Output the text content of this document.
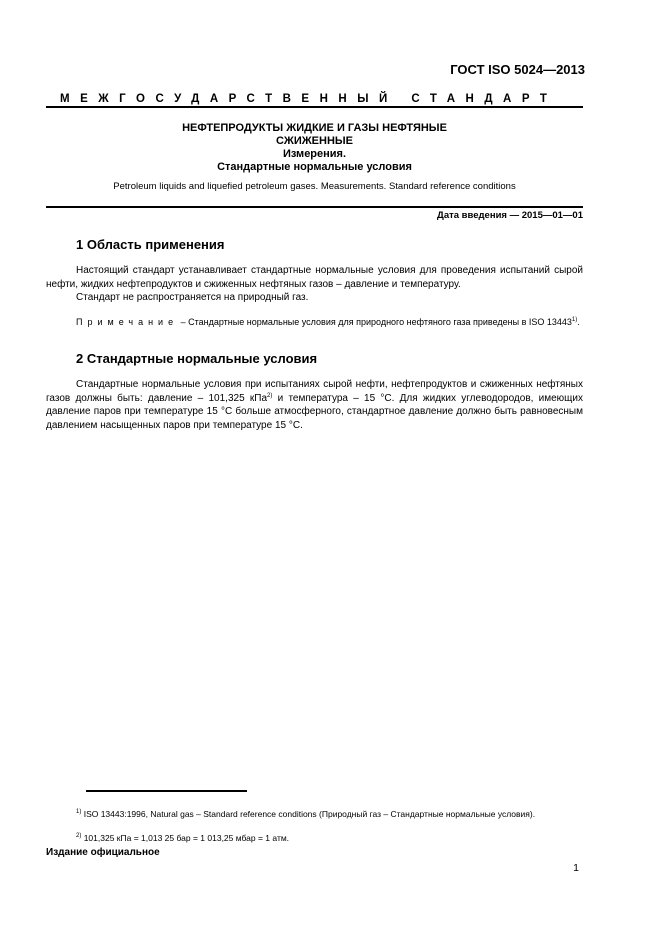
ГОСТ ISO 5024—2013
МЕЖГОСУДАРСТВЕННЫЙ СТАНДАРТ
НЕФТЕПРОДУКТЫ ЖИДКИЕ И ГАЗЫ НЕФТЯНЫЕ
СЖИЖЕННЫЕ
Измерения.
Стандартные нормальные условия
Petroleum liquids and liquefied petroleum gases. Measurements. Standard reference conditions
Дата введения — 2015—01—01
1 Область применения
Настоящий стандарт устанавливает стандартные нормальные условия для проведения испытаний сырой нефти, жидких нефтепродуктов и сжиженных нефтяных газов – давление и температуру.
Стандарт не распространяется на природный газ.
Примечание – Стандартные нормальные условия для природного нефтяного газа приведены в ISO 13443$^{1)}$.
2 Стандартные нормальные условия
Стандартные нормальные условия при испытаниях сырой нефти, нефтепродуктов и сжиженных нефтяных газов должны быть: давление – 101,325 кПа$^{2)}$ и температура – 15 °С. Для жидких углеводородов, имеющих давление паров при температуре 15 °С больше атмосферного, стандартное давление должно быть равновесным давлением насыщенных паров при температуре 15 °С.
$^{1)}$ ISO 13443:1996, Natural gas – Standard reference conditions (Природный газ – Стандартные нормальные условия).
$^{2)}$ 101,325 кПа = 1,013 25 бар = 1 013,25 мбар = 1 атм.
Издание официальное
1
